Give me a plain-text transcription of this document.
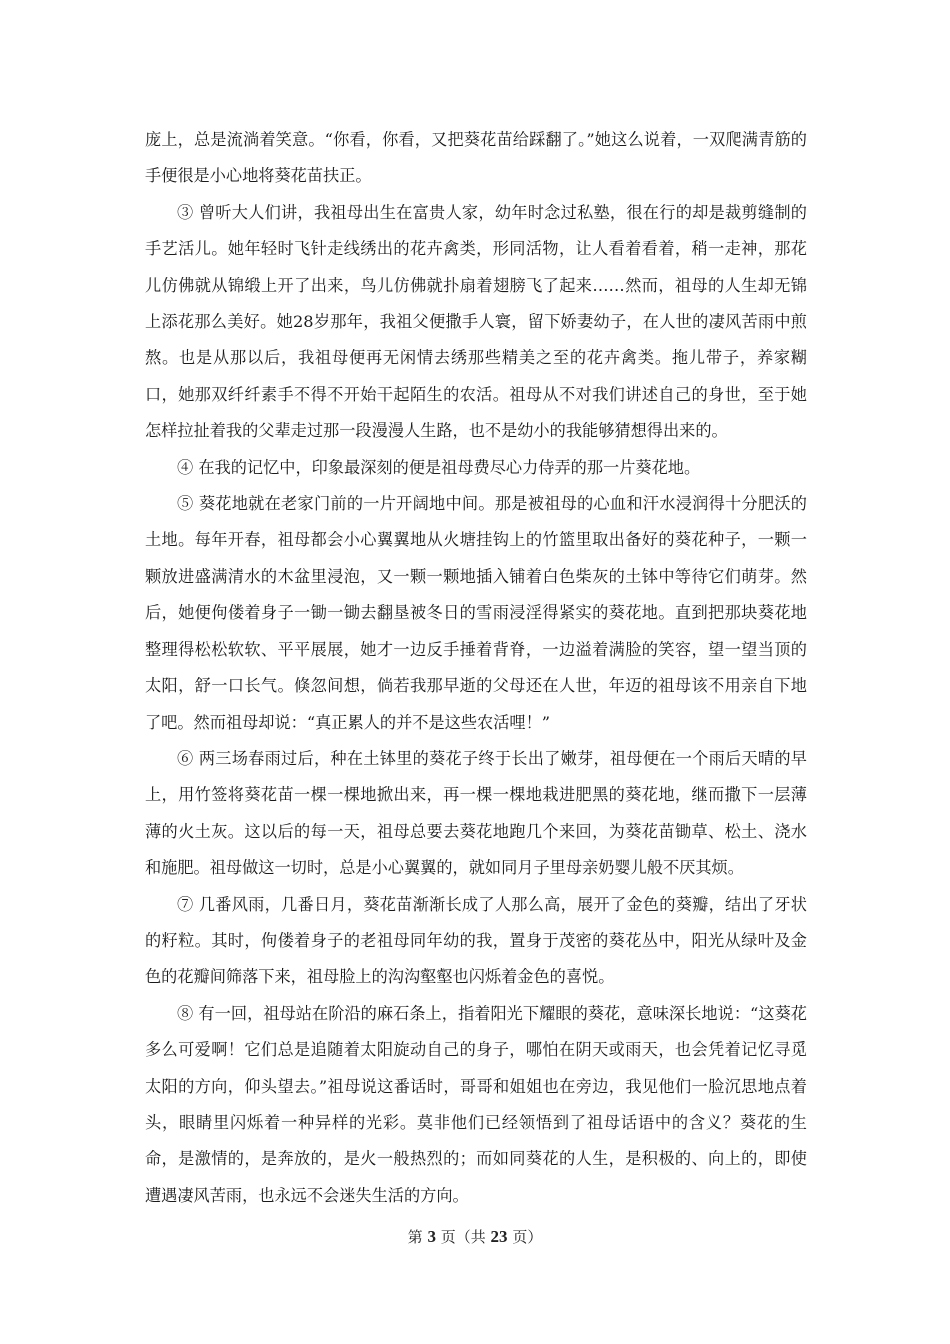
庞上，总是流淌着笑意。“你看，你看，又把葵花苗给踩翻了。”她这么说着，一双爬满青筋的手便很是小心地将葵花苗扶正。

③ 曾听大人们讲，我祖母出生在富贵人家，幼年时念过私塾，很在行的却是裁剪缝制的手艺活儿。她年轻时飞针走线绣出的花卉禽类，形同活物，让人看着看着，稍一走神，那花儿仿佛就从锦缎上开了出来，鸟儿仿佛就扑扇着翅膀飞了起来……然而，祖母的人生却无锦上添花那么美好。她28岁那年，我祖父便撒手人寰，留下娇妻幼子，在人世的凄风苦雨中煎熬。也是从那以后，我祖母便再无闲情去绣那些精美之至的花卉禽类。拖儿带子，养家糊口，她那双纤纤素手不得不开始干起陌生的农活。祖母从不对我们讲述自己的身世，至于她怎样拉扯着我的父辈走过那一段漫漫人生路，也不是幼小的我能够猜想得出来的。

④ 在我的记忆中，印象最深刻的便是祖母费尽心力侍弄的那一片葵花地。

⑤ 葵花地就在老家门前的一片开阔地中间。那是被祖母的心血和汗水浸润得十分肥沃的土地。每年开春，祖母都会小心翼翼地从火塘挂钩上的竹篮里取出备好的葵花种子，一颗一颗放进盛满清水的木盆里浸泡，又一颗一颗地插入铺着白色柴灰的土钵中等待它们萌芽。然后，她便佝偻着身子一锄一锄去翻垦被冬日的雪雨浸淫得紧实的葵花地。直到把那块葵花地整理得松松软软、平平展展，她才一边反手捶着背脊，一边溢着满脸的笑容，望一望当顶的太阳，舒一口长气。倏忽间想，倘若我那早逝的父母还在人世，年迈的祖母该不用亲自下地了吧。然而祖母却说：“真正累人的并不是这些农活哩！”

⑥ 两三场春雨过后，种在土钵里的葵花子终于长出了嫩芽，祖母便在一个雨后天晴的早上，用竹签将葵花苗一棵一棵地掀出来，再一棵一棵地栽进肥黑的葵花地，继而撒下一层薄薄的火土灰。这以后的每一天，祖母总要去葵花地跑几个来回，为葵花苗锄草、松土、浇水和施肥。祖母做这一切时，总是小心翼翼的，就如同月子里母亲奶婴儿般不厌其烦。

⑦ 几番风雨，几番日月，葵花苗渐渐长成了人那么高，展开了金色的葵瓣，结出了牙状的籽粒。其时，佝偻着身子的老祖母同年幼的我，置身于茂密的葵花丛中，阳光从绿叶及金色的花瓣间筛落下来，祖母脸上的沟沟壑壑也闪烁着金色的喜悦。

⑧ 有一回，祖母站在阶沿的麻石条上，指着阳光下耀眼的葵花，意味深长地说：“这葵花多么可爱啊！它们总是追随着太阳旋动自己的身子，哪怕在阴天或雨天，也会凭着记忆寻觅太阳的方向，仰头望去。”祖母说这番话时，哥哥和姐姐也在旁边，我见他们一脸沉思地点着头，眼睛里闪烁着一种异样的光彩。莫非他们已经领悟到了祖母话语中的含义？葵花的生命，是激情的，是奔放的，是火一般热烈的；而如同葵花的人生，是积极的、向上的，即使遭遇凄风苦雨，也永远不会迷失生活的方向。

第 3 页（共 23 页）
